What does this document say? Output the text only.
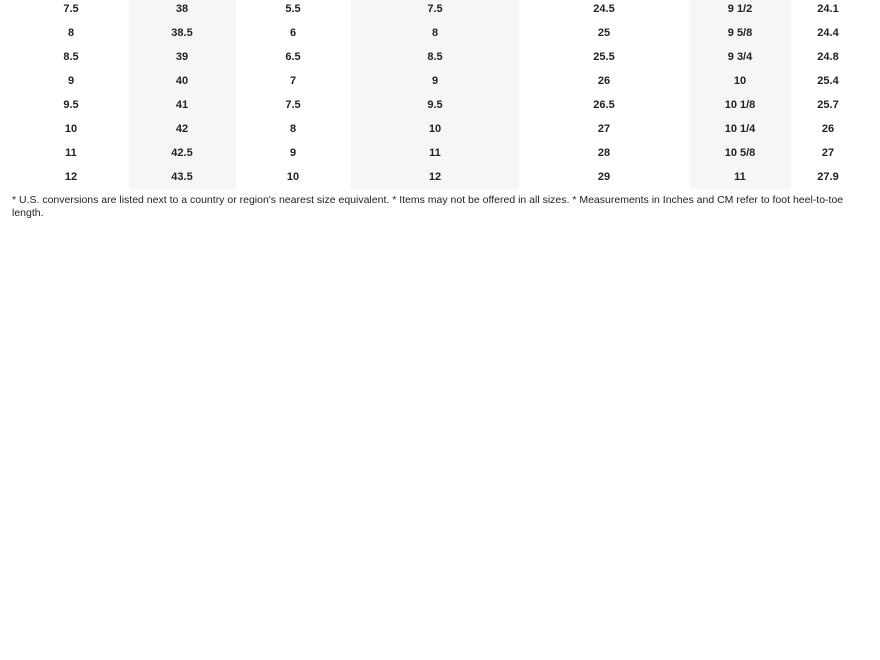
7.5	38	5.5	7.5	24.5	9 1/2	24.1
8	38.5	6	8	25	9 5/8	24.4
8.5	39	6.5	8.5	25.5	9 3/4	24.8
9	40	7	9	26	10	25.4
9.5	41	7.5	9.5	26.5	10 1/8	25.7
10	42	8	10	27	10 1/4	26
11	42.5	9	11	28	10 5/8	27
12	43.5	10	12	29	11	27.9
* U.S. conversions are listed next to a country or region's nearest size equivalent. * Items may not be offered in all sizes. * Measurements in Inches and CM refer to foot heel-to-toe length.
